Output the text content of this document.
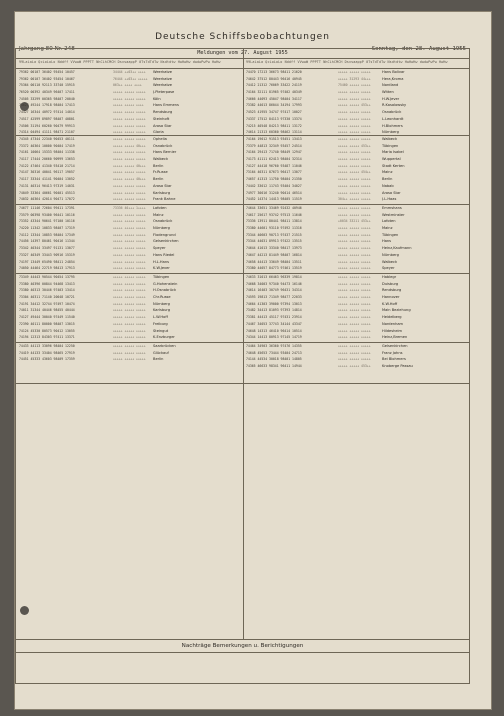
Jahrgang 80 Nr. 248
Deutsche Schiffsbeobachtungen
Sonntag, den 28. August 1955
Meldungen vom 27. August 1955
99LaLaLa QcLoLoLo Nddff VVwwW PPPTT NhCLhCMCH DsvsaappP 0TsTdTdTw Nsdtdtw HwHwHw dwdwPwPw HwHw	99LaLaLa QcLoLoLo Nddff VVwwW PPPTT NhCLhCMCH DsvsaappP 0TsTdTdTw Nsdtdtw HwHwHw dwdwPwPw HwHw
79362 00107 36402 95454 10457	34444 ++03++ ++++	Weerkatze
79362 00107 36402 93454 10467	76444 ++03++ +++++	Weerkatze
75364 00110 92113 33740 15915	063++ ++++ ++++	Weerkatze
76520 00392 40349 96407 17411	+++++ +++++ +++++	J.Pleterpase
74505 33299 00365 98407 20040	+++++ +++++ +++++	Köln
74627 49244 17918 98404 17413	+++++ +++++ ++++	Hans Emmens
74427 16344 40972 97414 14014	+++++ +++++ +++++	Rendsburg
74517 42599 89897 98407 40801	+++++ +++++ +++++	Steinhoft
74506 31194 60260 90479 99913	+++++ +++++ +++++	Arosa Star
74314 04494 41111 98471 21107	+++++ +++++ +++++	Gloria
74345 47344 22340 90453 40111	+++++ +++++ +++++	Ophelia
73372 40364 10000 90404 17419	+++++ +++++ 40+++	Osnabrück
74161 10064 15333 98404 11338	+++++ +++++ +++++	Hans Bernier
74117 17444 20660 90999 13653	+++++ +++++ +++++	Walbeck
74122 47464 41340 93410 21714	+++++ +++++ 40+++	Berlin
74147 30316 40041 96117 19057	+++++ +++++ +++++	Fr.Russe
74117 33344 41141 90404 13052	+++++ +++++ 40+++	Berlin
74131 40314 96413 97319 14031	+++++ +++++ +++++	Arosa Star
74049 33364 40661 90401 45513	+++++ +++++ +++++	Karlsburg
74032 40364 42014 90471 17072	+++++ +++++ +++++	Frank Bahne
74677 11146 72604 99411 17391	73336 40+++ 1++++	Lofoten
73579 00398 93400 96441 10116	+++++ +++++ +++++	Mainz
73352 43344 90641 97100 10116	+++++ +++++ +++++	Osnabrück
74220 11342 10833 98407 17319	+++++ +++++ +++++	Nürnberg
74112 13344 10853 98404 17349	+++++ +++++ +++++	Flodengrund
74456 14397 80461 90416 11344	+++++ +++++ +++++	Gelsenkirchen
73342 40344 33497 91131 13077	+++++ +++++ +++++	Speyer
73327 40349 33443 90916 15319	+++++ +++++ +++++	Hans Riedel
74197 13449 65490 98411 24854	+++++ +++++ +++++	H.L.Hans
74050 44464 22719 98413 17913	+++++ +++++ +++++	K.W.Jever
73349 44443 90544 90454 13795	+++++ +++++ +++++	Tübingen
73380 40396 00844 94468 13413	+++++ +++++ +++++	G.Hohenstein
73380 40313 30446 97403 13414	+++++ +++++ +++++	H.Osnabrück
73304 40311 71140 20048 10721	+++++ +++++ +++++	Chr.Russe
74191 34412 32744 97497 10474	+++++ +++++ +++++	Nürnberg
74011 31344 40446 98455 40444	+++++ +++++ +++++	Karlsburg
74127 49444 30040 97449 11540	+++++ +++++ +++++	L.W.Hoff
72390 40111 80000 98407 13015	+++++ +++++ +++++	Freiburg
74124 45330 80573 90412 13055	+++++ +++++ +++++	Steingut
74194 12313 84303 97411 13371	+++++ +++++ +++++	K.Enzburger
74433 44113 33096 98404 12250	+++++ +++++ +++++	Saarbrücken
74419 44133 33404 98465 27919	+++++ +++++ +++++	Glückauf
74451 45333 43603 98409 17359	+++++ +++++ +++++	Berlin
74470 17213 36673 98411 21620	+++++ +++++ +++++	Hans Bolivar
74642 37512 80443 96416 40945	+++++ 31293 44+++	Hera,Kroma
74412 21312 76069 33422 24119	75460 +++++ +++++	Nordland
74164 32111 81965 97402 40349	+++++ +++++ +++++	Witten
74666 44093 45047 98404 34117	+++++ +++++ +++++	H.W.Jever
73382 44013 86044 34194 17993	+++++ +++++ 453++	R.Kasalowsky
74523 41955 34747 97417 10027	+++++ +++++ +++++	Osnabrück
74337 17512 84113 97330 13374	+++++ +++++ +++++	L.Leonhardt
74215 40548 84213 98411 13172	+++++ +++++ +++++	H.Blohmers
74614 21313 60360 98462 13114	+++++ +++++ +++++	Nürnberg
74164 19012 91513 93451 13413	+++++ +++++ +++++	Walbeck
73379 44813 32349 93457 24514	+++++ +++++ 453++	Tübingen
74164 29413 71740 98449 12947	+++++ +++++ +++++	Maria Isabel
74173 41111 62413 98404 32314	+++++ +++++ +++++	Wuppertal
74127 44418 96760 93487 11046	+++++ +++++ +++++	Stadt Kerten
73164 40311 87673 96417 13077	+++++ +++++ 454++	Mainz
74657 41313 11750 98404 21350	+++++ +++++ +++++	Berlin
74442 33012 11743 93404 34027	+++++ +++++ +++++	Nabab
74977 30016 31240 90414 46514	+++++ +++++ +++++	Arosa Star
74452 14374 14413 98405 11519	304++ +++++ +++++	J.L.Haas
74644 33651 33469 92432 40946	+++++ +++++ +++++	Emmshans
74617 25617 93742 97513 11646	+++++ +++++ +++++	Westminster
73336 13911 80441 98411 13814	+0034 33211 453++	Lofoten
73380 44601 93110 97492 11316	+++++ +++++ +++++	Mainz
73344 40603 90713 97437 21515	+++++ +++++ +++++	Tübingen
73344 44031 89913 97422 13515	+++++ +++++ +++++	Hans
74644 41013 33340 98417 13973	+++++ +++++ +++++	Heinz,Kaufmann
74647 44213 81449 98407 16814	+++++ +++++ +++++	Nürnberg
74658 44413 33649 98404 13511	+++++ +++++ +++++	Walbeck
73380 44057 84773 97461 13519	+++++ +++++ +++++	Speyer
74633 31013 66463 96339 19814	+++++ +++++ +++++	Hablegr
74668 34003 97340 94473 16146	+++++ +++++ +++++	Duisburg
74614 16403 30749 96431 34314	+++++ +++++ +++++	Rendsburg
74593 19813 71349 98477 22033	+++++ +++++ +++++	Hannover
74664 41303 39000 97394 13013	+++++ +++++ +++++	K.W.Hoff
73482 34413 81093 97393 14814	+++++ +++++ +++++	Main Beziehung
73381 44413 45117 97431 23914	+++++ +++++ +++++	Heidelberg
74467 34053 37743 34144 43347	+++++ +++++ +++++	Nordenham
74648 14313 46410 96414 10514	+++++ +++++ +++++	Hildesheim
74344 14413 80913 97145 14719	+++++ +++++ +++++	Heinz,Bremen
74464 34903 36360 97476 14355	+++++ +++++ +++++	Gelsenkirchen
74648 45653 73444 93404 24713	+++++ +++++ +++++	Franz Johns
74144 44534 30018 98401 14805	+++++ +++++ +++++	Bei Blohmers
74365 46633 98341 96411 14944	+++++ +++++ 453++	Knoberge Passau
Nachträge Bemerkungen u. Berichtigungen
